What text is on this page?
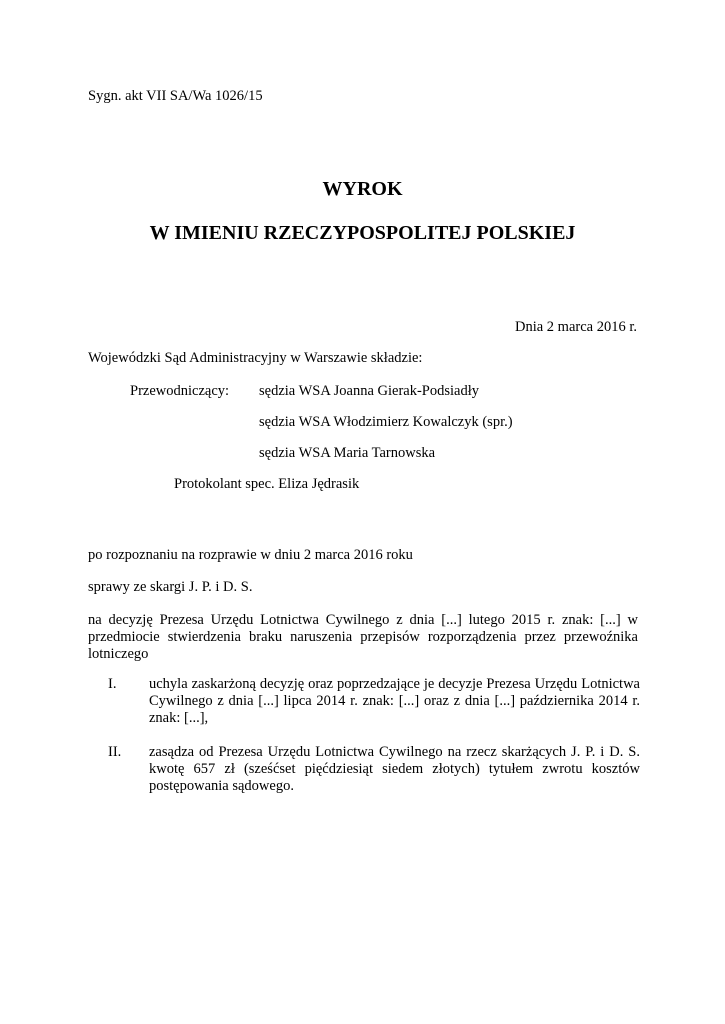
Sygn. akt VII SA/Wa 1026/15
WYROK
W IMIENIU RZECZYPOSPOLITEJ POLSKIEJ
Dnia 2 marca 2016 r.
Wojewódzki Sąd Administracyjny w Warszawie składzie:
Przewodniczący: sędzia WSA Joanna Gierak-Podsiadły
sędzia WSA Włodzimierz Kowalczyk (spr.)
sędzia WSA Maria Tarnowska
Protokolant spec. Eliza Jędrasik
po rozpoznaniu na rozprawie w dniu 2 marca 2016 roku
sprawy ze skargi J. P. i D. S.
na decyzję Prezesa Urzędu Lotnictwa Cywilnego z dnia [...] lutego 2015 r. znak: [...] w przedmiocie stwierdzenia braku naruszenia przepisów rozporządzenia przez przewoźnika lotniczego
I.	uchyla zaskarżoną decyzję oraz poprzedzające je decyzje Prezesa Urzędu Lotnictwa Cywilnego z dnia [...] lipca 2014 r. znak: [...] oraz z dnia [...] października 2014 r. znak: [...],
II.	zasądza od Prezesa Urzędu Lotnictwa Cywilnego na rzecz skarżących J. P. i D. S. kwotę 657 zł (sześćset pięćdziesiąt siedem złotych) tytułem zwrotu kosztów postępowania sądowego.
